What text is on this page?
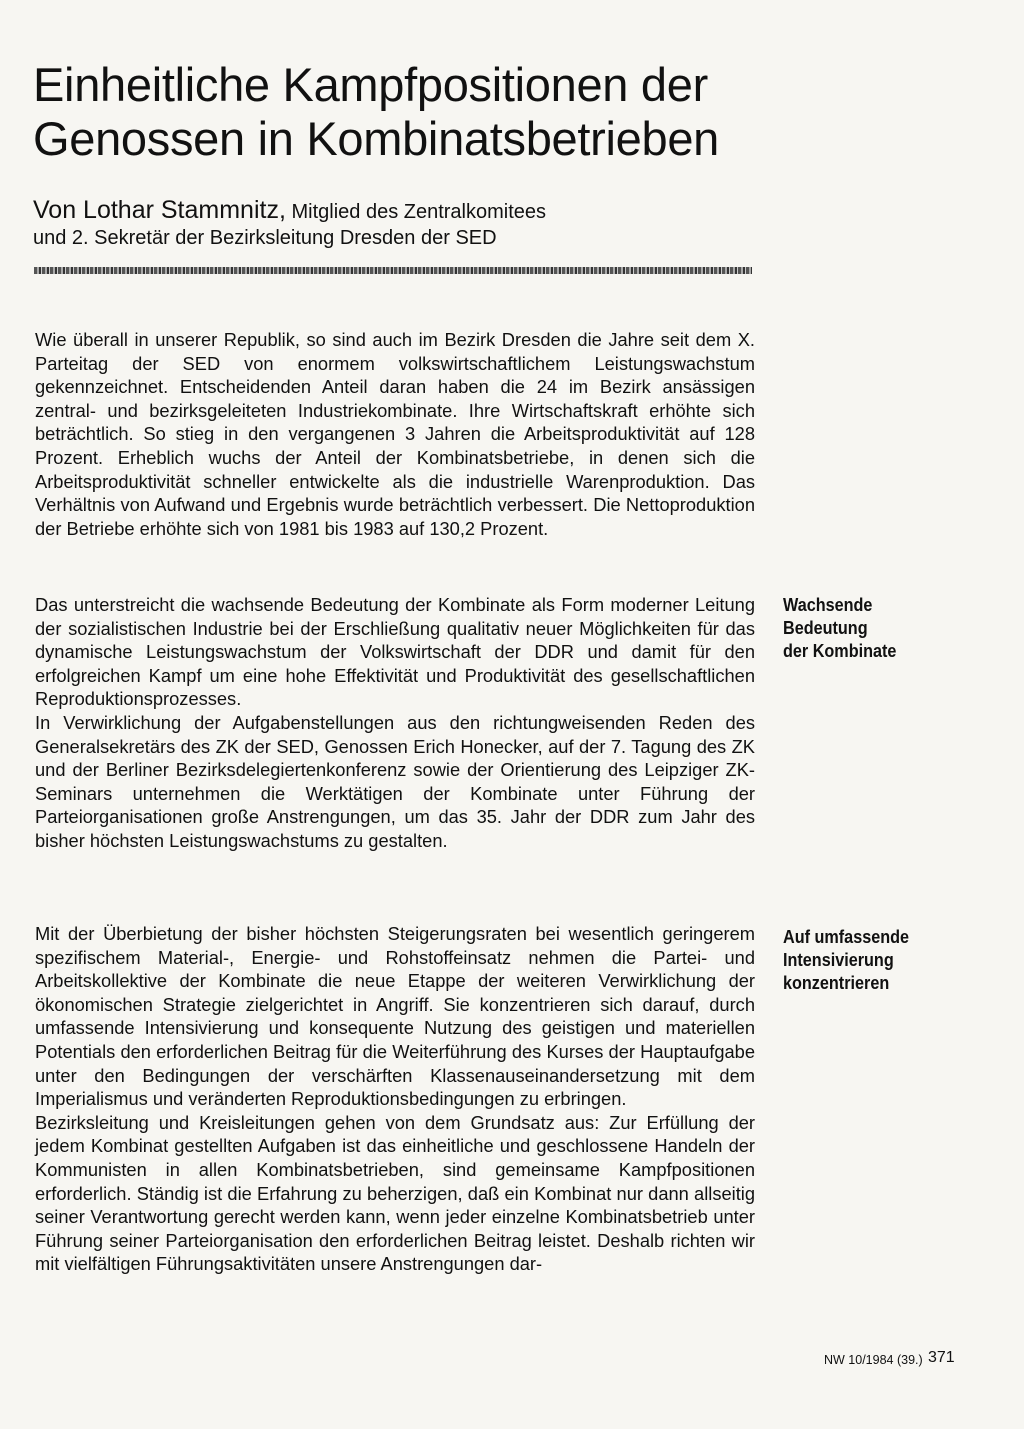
Einheitliche Kampfpositionen der
Genossen in Kombinatsbetrieben
Von Lothar Stammnitz, Mitglied des Zentralkomitees
und 2. Sekretär der Bezirksleitung Dresden der SED

Wie überall in unserer Republik, so sind auch im Bezirk Dresden die Jahre seit dem X. Parteitag der SED von enormem volkswirtschaftlichem Leistungswachstum gekennzeichnet. Entscheidenden Anteil daran haben die 24 im Bezirk ansässigen zentral- und bezirksgeleiteten Industriekombinate. Ihre Wirtschaftskraft erhöhte sich beträchtlich. So stieg in den vergangenen 3 Jahren die Arbeitsproduktivität auf 128 Prozent. Erheblich wuchs der Anteil der Kombinatsbetriebe, in denen sich die Arbeitsproduktivität schneller entwickelte als die industrielle Warenproduktion. Das Verhältnis von Aufwand und Ergebnis wurde beträchtlich verbessert. Die Nettoproduktion der Betriebe erhöhte sich von 1981 bis 1983 auf 130,2 Prozent.

Das unterstreicht die wachsende Bedeutung der Kombinate als Form moderner Leitung der sozialistischen Industrie bei der Erschließung qualitativ neuer Möglichkeiten für das dynamische Leistungswachstum der Volkswirtschaft der DDR und damit für den erfolgreichen Kampf um eine hohe Effektivität und Produktivität des gesellschaftlichen Reproduktionsprozesses.

In Verwirklichung der Aufgabenstellungen aus den richtungweisenden Reden des Generalsekretärs des ZK der SED, Genossen Erich Honecker, auf der 7. Tagung des ZK und der Berliner Bezirksdelegiertenkonferenz sowie der Orientierung des Leipziger ZK-Seminars unternehmen die Werktätigen der Kombinate unter Führung der Parteiorganisationen große Anstrengungen, um das 35. Jahr der DDR zum Jahr des bisher höchsten Leistungswachstums zu gestalten.

Mit der Überbietung der bisher höchsten Steigerungsraten bei wesentlich geringerem spezifischem Material-, Energie- und Rohstoffeinsatz nehmen die Partei- und Arbeitskollektive der Kombinate die neue Etappe der weiteren Verwirklichung der ökonomischen Strategie zielgerichtet in Angriff. Sie konzentrieren sich darauf, durch umfassende Intensivierung und konsequente Nutzung des geistigen und materiellen Potentials den erforderlichen Beitrag für die Weiterführung des Kurses der Hauptaufgabe unter den Bedingungen der verschärften Klassenauseinandersetzung mit dem Imperialismus und veränderten Reproduktionsbedingungen zu erbringen.

Bezirksleitung und Kreisleitungen gehen von dem Grundsatz aus: Zur Erfüllung der jedem Kombinat gestellten Aufgaben ist das einheitliche und geschlossene Handeln der Kommunisten in allen Kombinatsbetrieben, sind gemeinsame Kampfpositionen erforderlich. Ständig ist die Erfahrung zu beherzigen, daß ein Kombinat nur dann allseitig seiner Verantwortung gerecht werden kann, wenn jeder einzelne Kombinatsbetrieb unter Führung seiner Parteiorganisation den erforderlichen Beitrag leistet. Deshalb richten wir mit vielfältigen Führungsaktivitäten unsere Anstrengungen dar-

Wachsende
Bedeutung
der Kombinate
Auf umfassende
Intensivierung
konzentrieren
NW 10/1984 (39.) 371
